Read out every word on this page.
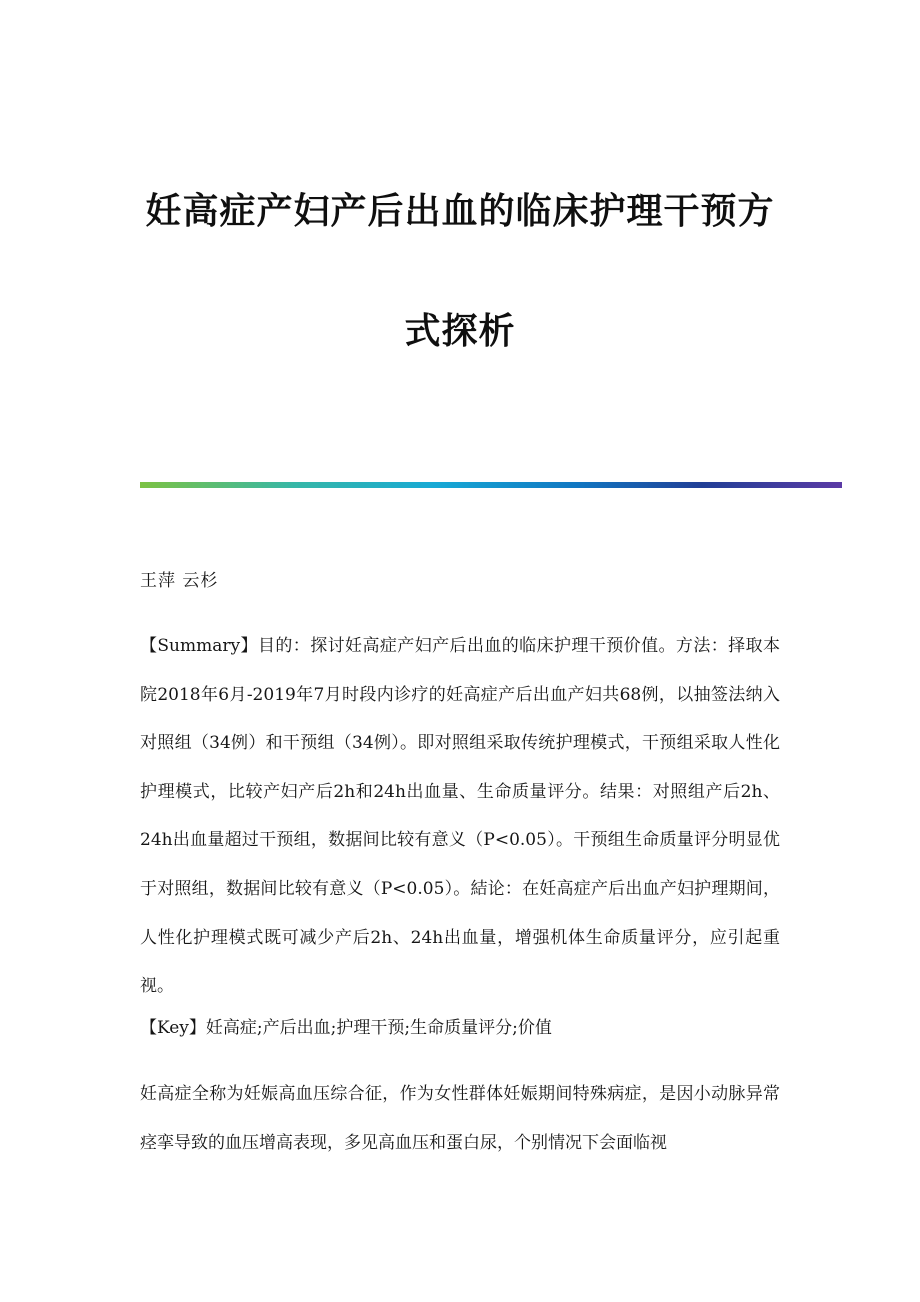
妊高症产妇产后出血的临床护理干预方
式探析
王萍 云杉
【Summary】目的：探讨妊高症产妇产后出血的临床护理干预价值。方法：择取本院2018年6月-2019年7月时段内诊疗的妊高症产后出血产妇共68例，以抽签法纳入对照组（34例）和干预组（34例）。即对照组采取传统护理模式，干预组采取人性化护理模式，比较产妇产后2h和24h出血量、生命质量评分。结果：对照组产后2h、24h出血量超过干预组，数据间比较有意义（P<0.05）。干预组生命质量评分明显优于对照组，数据间比较有意义（P<0.05）。結论：在妊高症产后出血产妇护理期间，人性化护理模式既可减少产后2h、24h出血量，增强机体生命质量评分，应引起重视。
【Key】妊高症;产后出血;护理干预;生命质量评分;价值
妊高症全称为妊娠高血压综合征，作为女性群体妊娠期间特殊病症，是因小动脉异常痉挛导致的血压增高表现，多见高血压和蛋白尿，个别情况下会面临视
